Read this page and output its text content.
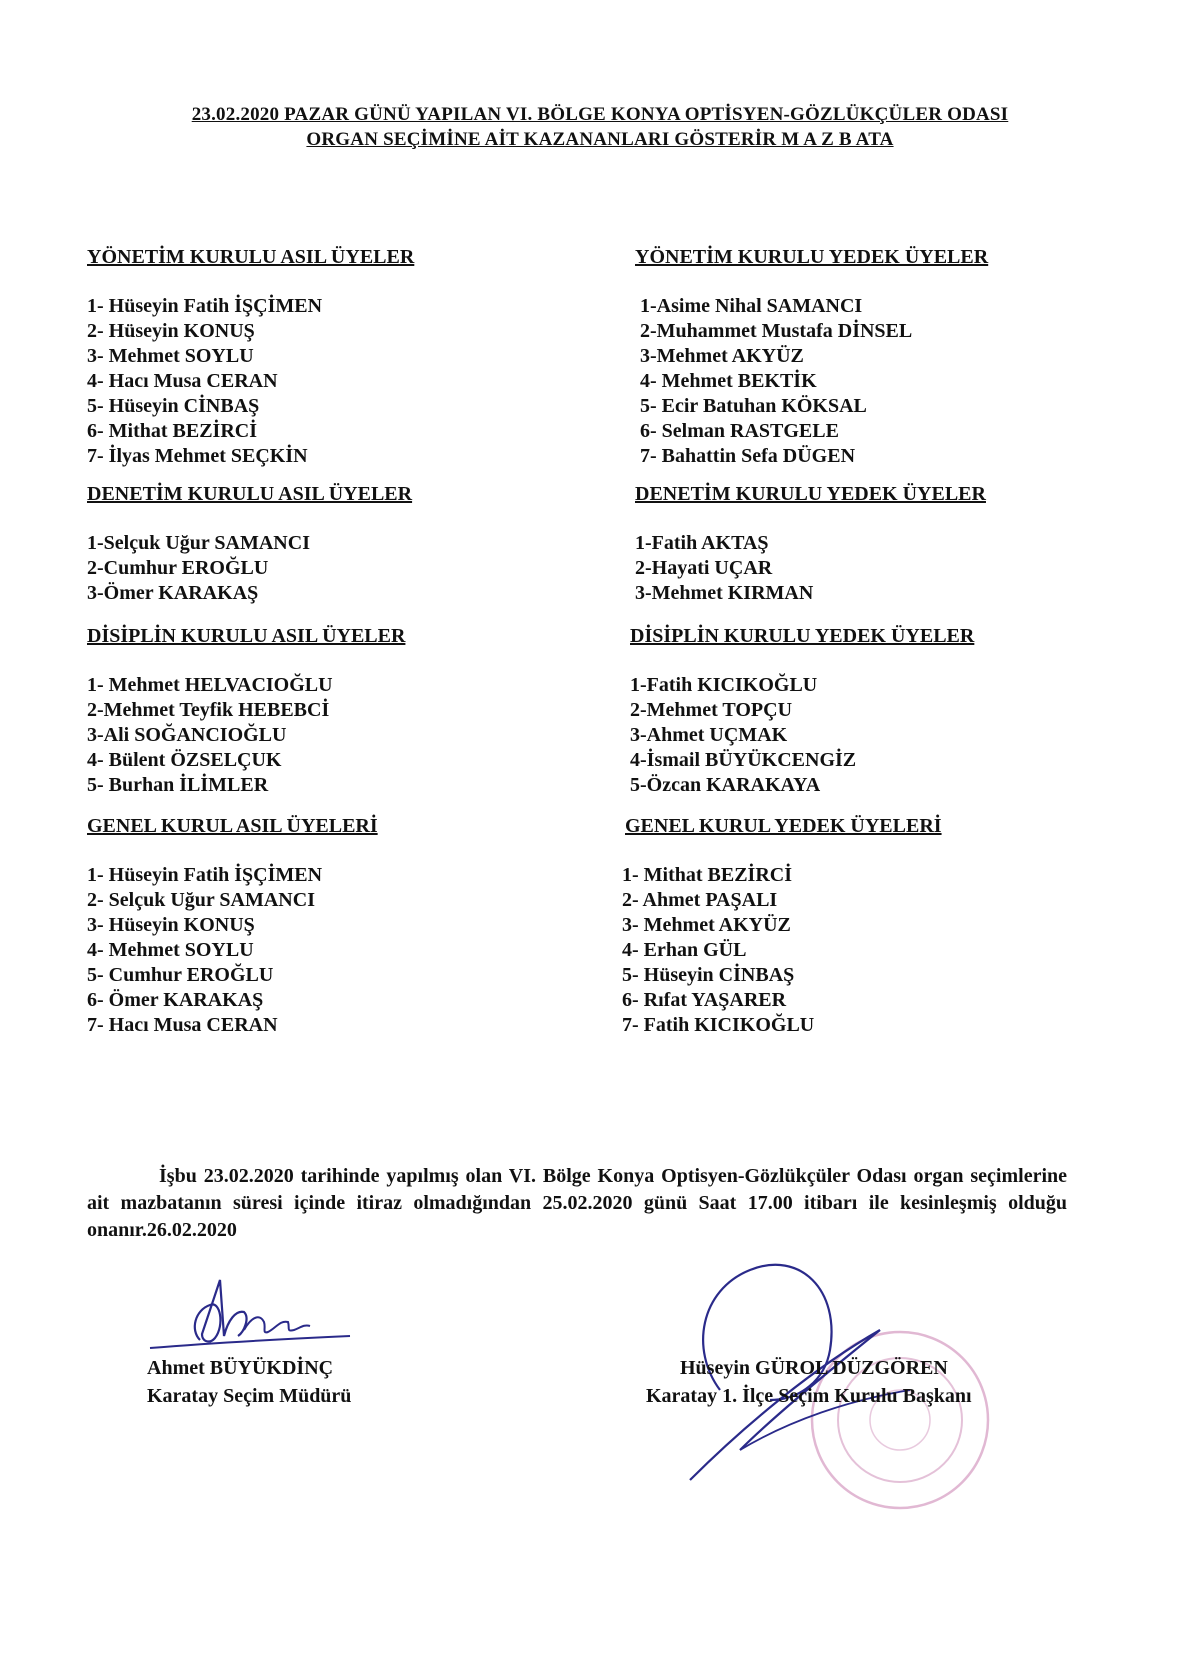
23.02.2020 PAZAR GÜNÜ YAPILAN VI. BÖLGE KONYA OPTİSYEN-GÖZLÜKÇÜLER ODASI
ORGAN SEÇİMİNE AİT KAZANANLARI GÖSTERİR M A Z B ATA
YÖNETİM KURULU ASIL ÜYELER
1- Hüseyin Fatih İŞÇİMEN
2- Hüseyin KONUŞ
3- Mehmet SOYLU
4- Hacı Musa CERAN
5- Hüseyin CİNBAŞ
6- Mithat BEZİRCİ
7- İlyas Mehmet SEÇKİN
YÖNETİM KURULU YEDEK ÜYELER
1-Asime Nihal SAMANCI
2-Muhammet Mustafa DİNSEL
3-Mehmet AKYÜZ
4- Mehmet BEKTİK
5- Ecir Batuhan KÖKSAL
6- Selman RASTGELE
7- Bahattin Sefa DÜGEN
DENETİM KURULU ASIL ÜYELER
1-Selçuk Uğur SAMANCI
2-Cumhur EROĞLU
3-Ömer KARAKAŞ
DENETİM KURULU YEDEK ÜYELER
1-Fatih AKTAŞ
2-Hayati UÇAR
3-Mehmet KIRMAN
DİSİPLİN KURULU ASIL ÜYELER
1- Mehmet HELVACIOĞLU
2-Mehmet Teyfik HEBEBCİ
3-Ali SOĞANCIOĞLU
4- Bülent ÖZSELÇUK
5- Burhan İLİMLER
DİSİPLİN KURULU YEDEK ÜYELER
1-Fatih KICIKOĞLU
2-Mehmet TOPÇU
3-Ahmet UÇMAK
4-İsmail BÜYÜKCENGİZ
5-Özcan KARAKAYA
GENEL KURUL ASIL ÜYELERİ
1- Hüseyin Fatih İŞÇİMEN
2- Selçuk Uğur SAMANCI
3- Hüseyin KONUŞ
4- Mehmet SOYLU
5- Cumhur EROĞLU
6- Ömer KARAKAŞ
7- Hacı Musa CERAN
GENEL KURUL YEDEK ÜYELERİ
1- Mithat BEZİRCİ
2- Ahmet PAŞALI
3- Mehmet AKYÜZ
4- Erhan GÜL
5- Hüseyin CİNBAŞ
6- Rıfat YAŞARER
7- Fatih KICIKOĞLU
İşbu 23.02.2020 tarihinde yapılmış olan VI. Bölge Konya Optisyen-Gözlükçüler Odası organ seçimlerine ait mazbatanın süresi içinde itiraz olmadığından 25.02.2020 günü Saat 17.00 itibarı ile kesinleşmiş olduğu onanır.26.02.2020
Ahmet BÜYÜKDİNÇ
Karatay Seçim Müdürü
Hüseyin GÜROL DÜZGÖREN
Karatay 1. İlçe Seçim Kurulu Başkanı
